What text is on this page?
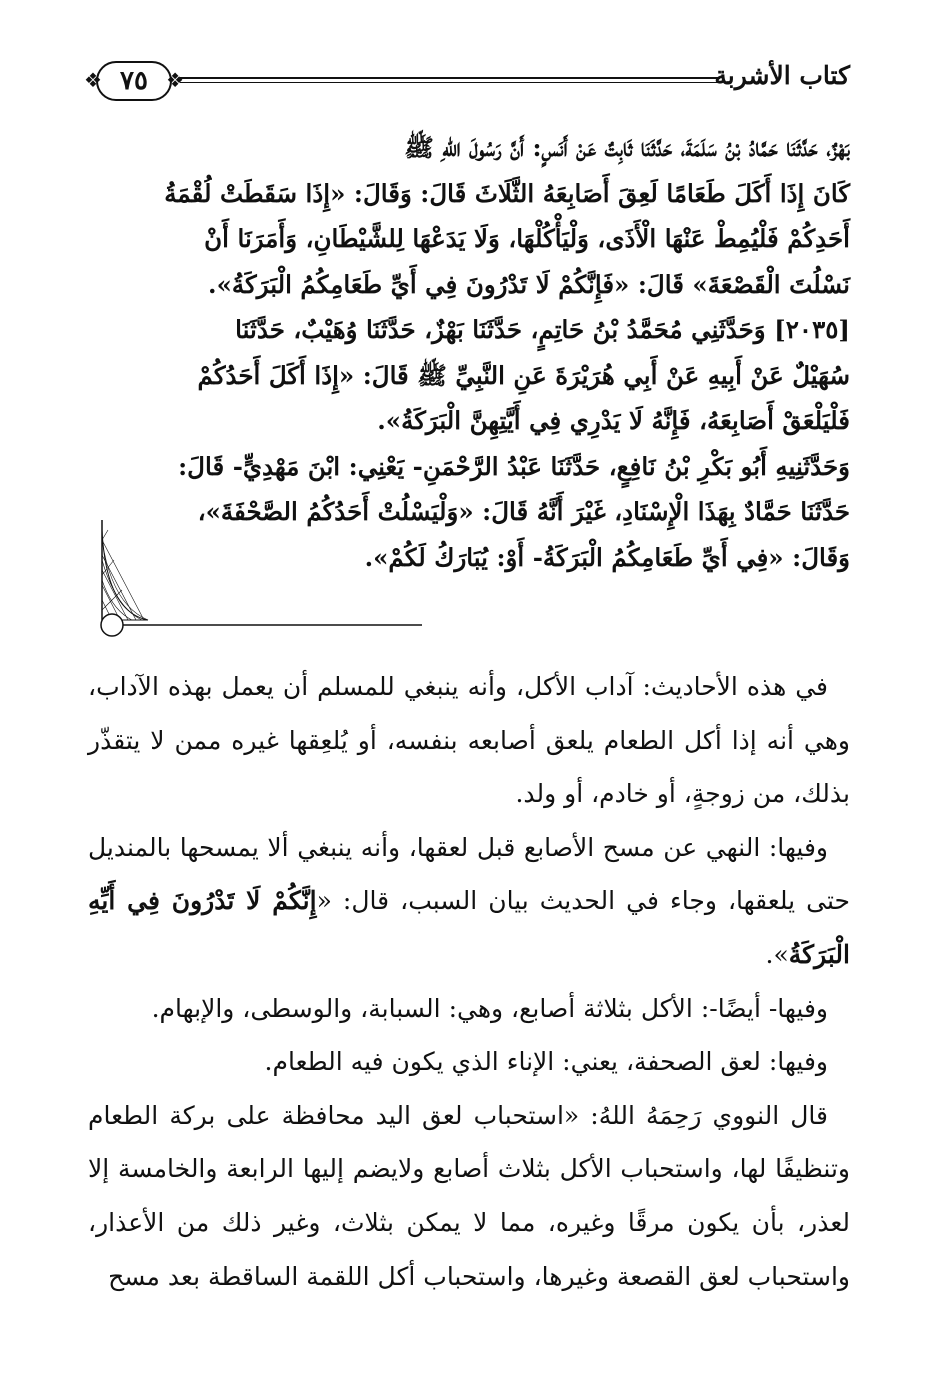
كتاب الأشربة
❖
❖ ٧٥

بَهْزٌ، حَدَّثَنَا حَمَّادُ بْنُ سَلَمَةَ، حَدَّثَنَا ثَابِتٌ عَنْ أَنَسٍ: أَنَّ رَسُولَ اللهِ ﷺ

كَانَ إِذَا أَكَلَ طَعَامًا لَعِقَ أَصَابِعَهُ الثَّلَاثَ قَالَ: وَقَالَ: «إِذَا سَقَطَتْ لُقْمَةُ

أَحَدِكُمْ فَلْيُمِطْ عَنْهَا الْأَذَى، وَلْيَأْكُلْهَا، وَلَا يَدَعْهَا لِلشَّيْطَانِ، وَأَمَرَنَا أَنْ

نَسْلُتَ الْقَصْعَةَ» قَالَ: «فَإِنَّكُمْ لَا تَدْرُونَ فِي أَيِّ طَعَامِكُمُ الْبَرَكَةُ».

[٢٠٣٥] وَحَدَّثَنِي مُحَمَّدُ بْنُ حَاتِمٍ، حَدَّثَنَا بَهْزٌ، حَدَّثَنَا وُهَيْبٌ، حَدَّثَنَا

سُهَيْلٌ عَنْ أَبِيهِ عَنْ أَبِي هُرَيْرَةَ عَنِ النَّبِيِّ ﷺ قَالَ: «إِذَا أَكَلَ أَحَدُكُمْ

فَلْيَلْعَقْ أَصَابِعَهُ، فَإِنَّهُ لَا يَدْرِي فِي أَيَّتِهِنَّ الْبَرَكَةُ».

وَحَدَّثَنِيهِ أَبُو بَكْرِ بْنُ نَافِعٍ، حَدَّثَنَا عَبْدُ الرَّحْمَنِ- يَعْنِي: ابْنَ مَهْدِيٍّ- قَالَ:

حَدَّثَنَا حَمَّادٌ بِهَذَا الْإِسْنَادِ، غَيْرَ أَنَّهُ قَالَ: «وَلْيَسْلُتْ أَحَدُكُمُ الصَّحْفَةَ»،

وَقَالَ: «فِي أَيِّ طَعَامِكُمُ الْبَرَكَةُ- أَوْ: يُبَارَكُ لَكُمْ».

في هذه الأحاديث: آداب الأكل، وأنه ينبغي للمسلم أن يعمل بهذه الآداب، وهي أنه إذا أكل الطعام يلعق أصابعه بنفسه، أو يُلعِقها غيره ممن لا يتقذّر بذلك، من زوجةٍ، أو خادم، أو ولد.

وفيها: النهي عن مسح الأصابع قبل لعقها، وأنه ينبغي ألا يمسحها بالمنديل حتى يلعقها، وجاء في الحديث بيان السبب، قال: «إِنَّكُمْ لَا تَدْرُونَ فِي أَيِّهِ الْبَرَكَةُ».

وفيها- أيضًا-: الأكل بثلاثة أصابع، وهي: السبابة، والوسطى، والإبهام.

وفيها: لعق الصحفة، يعني: الإناء الذي يكون فيه الطعام.

قال النووي رَحِمَهُ اللهُ: «استحباب لعق اليد محافظة على بركة الطعام وتنظيفًا لها، واستحباب الأكل بثلاث أصابع ولايضم إليها الرابعة والخامسة إلا لعذر، بأن يكون مرقًا وغيره، مما لا يمكن بثلاث، وغير ذلك من الأعذار، واستحباب لعق القصعة وغيرها، واستحباب أكل اللقمة الساقطة بعد مسح
